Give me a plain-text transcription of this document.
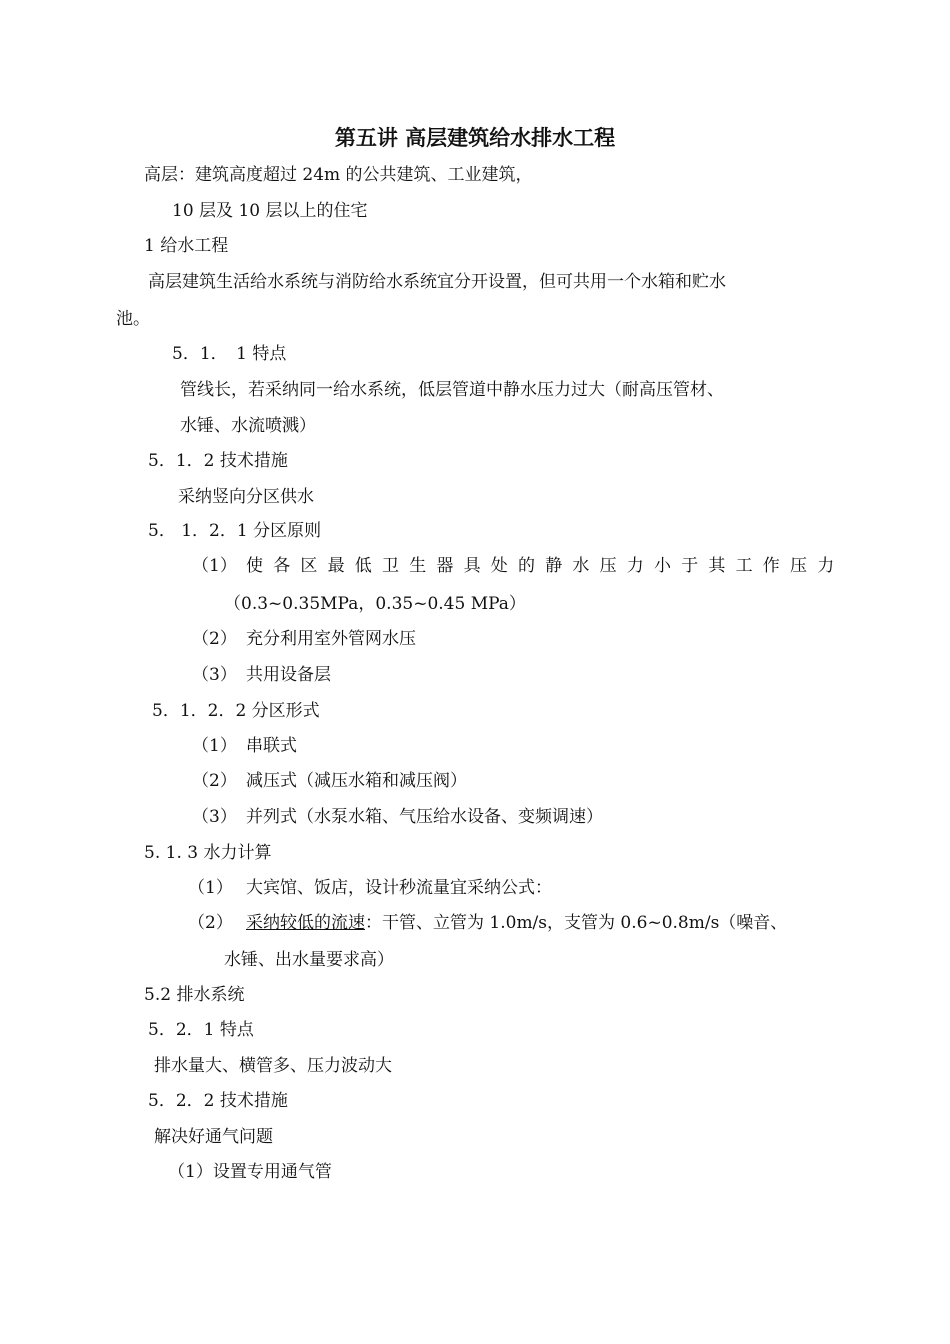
第五讲 高层建筑给水排水工程
高层：建筑高度超过 24m 的公共建筑、工业建筑，
10 层及 10 层以上的住宅
1 给水工程
高层建筑生活给水系统与消防给水系统宜分开设置，但可共用一个水箱和贮水
池。
5．1．　1 特点
管线长，若采纳同一给水系统，低层管道中静水压力过大（耐高压管材、
水锤、水流喷溅）
5．1．2 技术措施
采纳竖向分区供水
5． 1．2．1 分区原则
（1） 使各区最低卫生器具处的静水压力小于其工作压力
（0.3~0.35MPa，0.35~0.45 MPa）
（2） 充分利用室外管网水压
（3） 共用设备层
5．1．2．2 分区形式
（1） 串联式
（2） 减压式（减压水箱和减压阀）
（3） 并列式（水泵水箱、气压给水设备、变频调速）
5. 1. 3 水力计算
（1） 大宾馆、饭店，设计秒流量宜采纳公式：
（2） 采纳较低的流速：干管、立管为 1.0m/s，支管为 0.6~0.8m/s（噪音、
水锤、出水量要求高）
5.2 排水系统
5．2．1 特点
排水量大、横管多、压力波动大
5．2．2 技术措施
解决好通气问题
（1）设置专用通气管
